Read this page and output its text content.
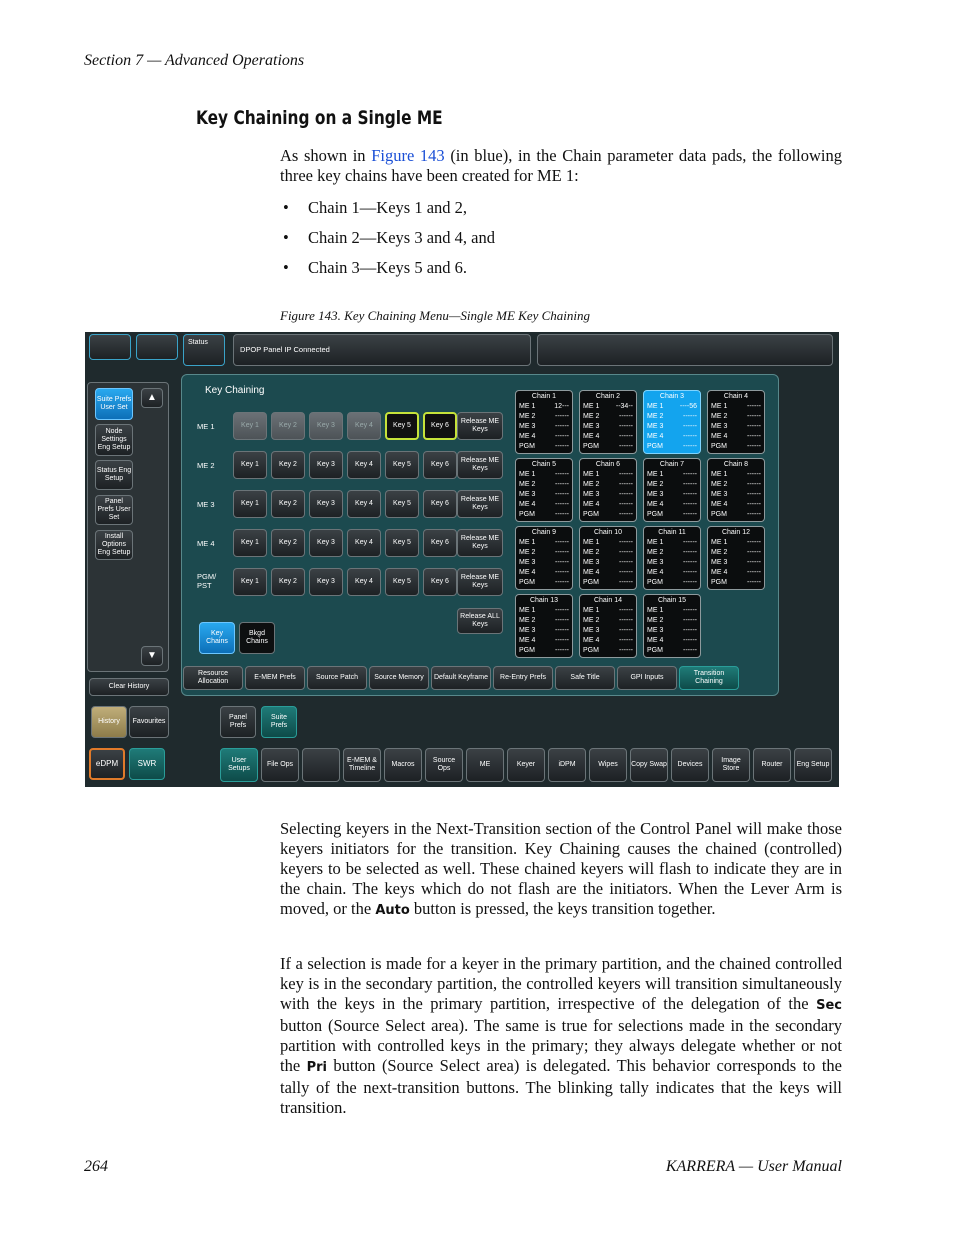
Section 7 — Advanced Operations
Key Chaining on a Single ME
As shown in Figure 143 (in blue), in the Chain parameter data pads, the following three key chains have been created for ME 1:
• Chain 1—Keys 1 and 2,
• Chain 2—Keys 3 and 4, and
• Chain 3—Keys 5 and 6.
Figure 143. Key Chaining Menu—Single ME Key Chaining
Status
DPOP Panel IP Connected
Suite Prefs User Set
Node Settings Eng Setup
Status Eng Setup
Panel Prefs User Set
Install Options Eng Setup
▲
▼
Clear History
History	Favourites
eDPM	SWR
Key Chaining
ME 1
ME 2
ME 3
ME 4
PGM/ PST
Release ALL Keys
Key Chains
Bkgd Chains
Panel Prefs
Suite Prefs
Key 1	Key 2	Key 3	Key 4	Key 5	Key 6
Release ME Keys
Key 1	Key 2	Key 3	Key 4	Key 5	Key 6
Release ME Keys
Key 1	Key 2	Key 3	Key 4	Key 5	Key 6
Release ME Keys
Key 1	Key 2	Key 3	Key 4	Key 5	Key 6
Release ME Keys
Key 1	Key 2	Key 3	Key 4	Key 5	Key 6
Release ME Keys
Chain 1
ME 1	12---
ME 2	------
ME 3	------
ME 4	------
PGM	------
Chain 2
ME 1 --34--
ME 2	------
ME 3	------
ME 4	------
PGM	------
Chain 3
ME 1 ----56
ME 2	------
ME 3	------
ME 4	------
PGM	------
Chain 4
ME 1	------
ME 2	------
ME 3	------
ME 4	------
PGM	------
Chain 5
ME 1	------
ME 2	------
ME 3	------
ME 4	------
PGM	------
Chain 6
ME 1	------
ME 2	------
ME 3	------
ME 4	------
PGM	------
Chain 7
ME 1	------
ME 2	------
ME 3	------
ME 4	------
PGM	------
Chain 8
ME 1	------
ME 2	------
ME 3	------
ME 4	------
PGM	------
Chain 9
ME 1	------
ME 2	------
ME 3	------
ME 4	------
PGM	------
Chain 10
ME 1	------
ME 2	------
ME 3	------
ME 4	------
PGM	------
Chain 11
ME 1	------
ME 2	------
ME 3	------
ME 4	------
PGM	------
Chain 12
ME 1	------
ME 2	------
ME 3	------
ME 4	------
PGM	------
Chain 13
ME 1	------
ME 2	------
ME 3	------
ME 4	------
PGM	------
Chain 14
ME 1	------
ME 2	------
ME 3	------
ME 4	------
PGM	------
Chain 15
ME 1	------
ME 2	------
ME 3	------
ME 4	------
PGM	------
Resource Allocation
E-MEM Prefs	Source Patch	Source Memory	Default Keyframe	Re-Entry Prefs	Safe Title	GPI Inputs
Transition Chaining
User Setups
File Ops
E-MEM & Timeline
Macros
Source Ops
ME	Keyer	iDPM	Wipes	Copy Swap	Devices
Image Store
Router	Eng Setup
Selecting keyers in the Next-Transition section of the Control Panel will make those keyers initiators for the transition. Key Chaining causes the chained (controlled) keyers to be selected as well. These chained keyers will flash to indicate they are in the chain. The keys which do not flash are the initiators. When the Lever Arm is moved, or the Auto button is pressed, the keys transition together.
If a selection is made for a keyer in the primary partition, and the chained controlled key is in the secondary partition, the controlled keyers will transition simultaneously with the keys in the primary partition, irrespective of the delegation of the Sec button (Source Select area). The same is true for selections made in the secondary partition with controlled keys in the primary; they always delegate whether or not the Pri button (Source Select area) is delegated. This behavior corresponds to the tally of the next-transition buttons. The blinking tally indicates that the keys will transition.
264	KARRERA — User Manual
